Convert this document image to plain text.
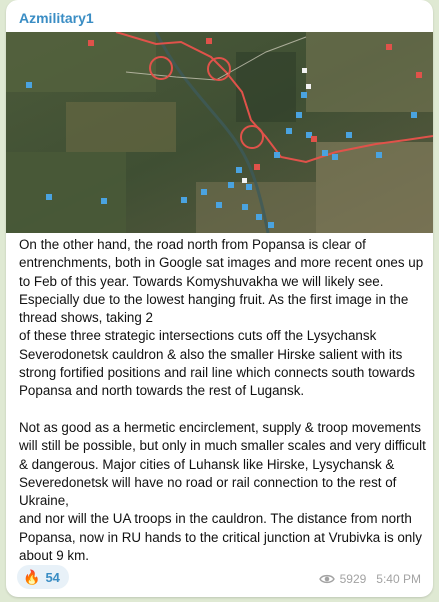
Azmilitary1
On the other hand, the road north from Popansa is clear of entrenchments, both in Google sat images and more recent ones up to Feb of this year. Towards Komyshuvakha we will likely see. Especially due to the lowest hanging fruit. As the first image in the thread shows, taking 2
of these three strategic intersections cuts off the Lysychansk Severodonetsk cauldron & also the smaller Hirske salient with its strong fortified positions and rail line which connects south towards Popansa and north towards the rest of Lugansk.

Not as good as a hermetic encirclement, supply & troop movements will still be possible, but only in much smaller scales and very difficult & dangerous. Major cities of Luhansk like Hirske, Lysychansk & Severedonetsk will have no road or rail connection to the rest of Ukraine,
and nor will the UA troops in the cauldron. The distance from north Popansa, now in RU hands to the critical junction at Vrubivka is only about 9 km.
🔥 54	5929 5:40 PM
